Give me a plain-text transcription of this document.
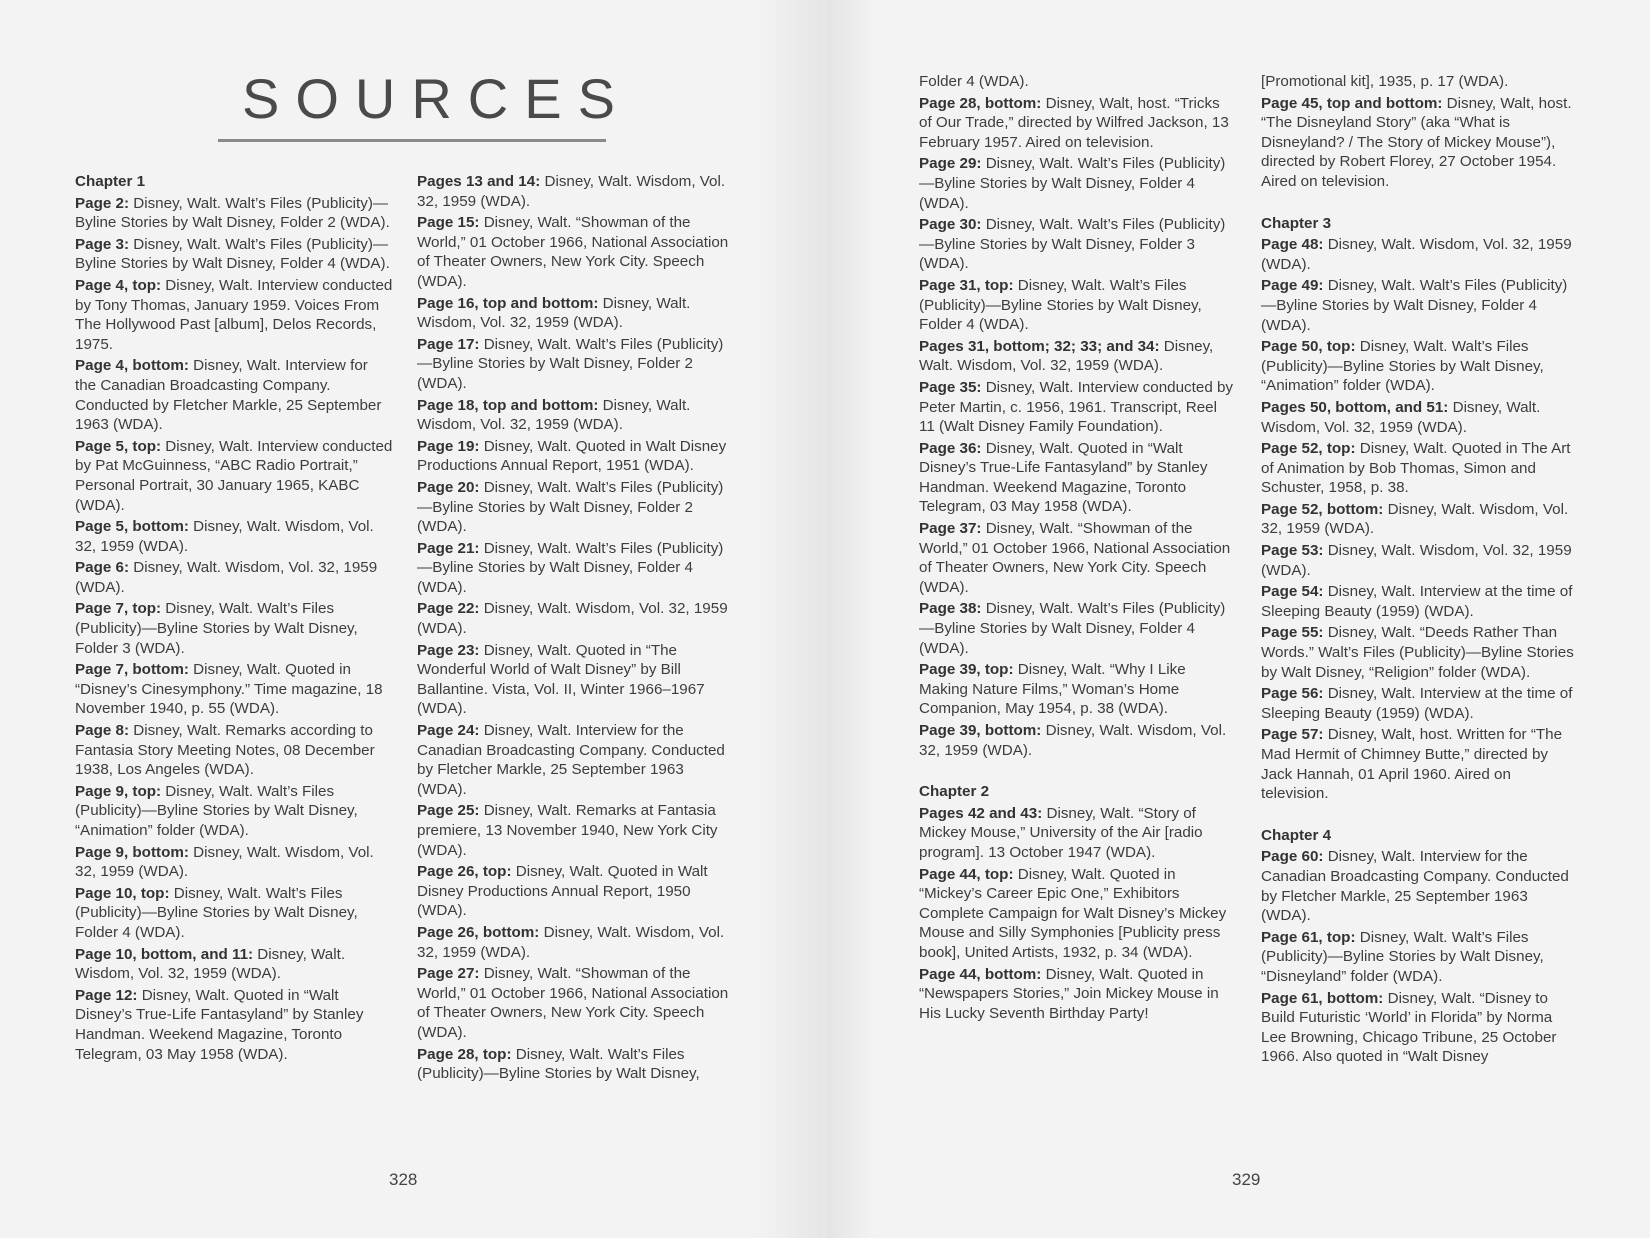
SOURCES
Chapter 1
Page 2: Disney, Walt. Walt’s Files (Publicity)—Byline Stories by Walt Disney, Folder 2 (WDA).
Page 3: Disney, Walt. Walt’s Files (Publicity)—Byline Stories by Walt Disney, Folder 4 (WDA).
Page 4, top: Disney, Walt. Interview conducted by Tony Thomas, January 1959. Voices From The Hollywood Past [album], Delos Records, 1975.
Page 4, bottom: Disney, Walt. Interview for the Canadian Broadcasting Company. Conducted by Fletcher Markle, 25 September 1963 (WDA).
Page 5, top: Disney, Walt. Interview conducted by Pat McGuinness, “ABC Radio Portrait,” Personal Portrait, 30 January 1965, KABC (WDA).
Page 5, bottom: Disney, Walt. Wisdom, Vol. 32, 1959 (WDA).
Page 6: Disney, Walt. Wisdom, Vol. 32, 1959 (WDA).
Page 7, top: Disney, Walt. Walt’s Files (Publicity)—Byline Stories by Walt Disney, Folder 3 (WDA).
Page 7, bottom: Disney, Walt. Quoted in “Disney’s Cinesymphony.” Time magazine, 18 November 1940, p. 55 (WDA).
Page 8: Disney, Walt. Remarks according to Fantasia Story Meeting Notes, 08 December 1938, Los Angeles (WDA).
Page 9, top: Disney, Walt. Walt’s Files (Publicity)—Byline Stories by Walt Disney, “Animation” folder (WDA).
Page 9, bottom: Disney, Walt. Wisdom, Vol. 32, 1959 (WDA).
Page 10, top: Disney, Walt. Walt’s Files (Publicity)—Byline Stories by Walt Disney, Folder 4 (WDA).
Page 10, bottom, and 11: Disney, Walt. Wisdom, Vol. 32, 1959 (WDA).
Page 12: Disney, Walt. Quoted in “Walt Disney’s True-Life Fantasyland” by Stanley Handman. Weekend Magazine, Toronto Telegram, 03 May 1958 (WDA).
Pages 13 and 14: Disney, Walt. Wisdom, Vol. 32, 1959 (WDA).
Page 15: Disney, Walt. “Showman of the World,” 01 October 1966, National Association of Theater Owners, New York City. Speech (WDA).
Page 16, top and bottom: Disney, Walt. Wisdom, Vol. 32, 1959 (WDA).
Page 17: Disney, Walt. Walt’s Files (Publicity)—Byline Stories by Walt Disney, Folder 2 (WDA).
Page 18, top and bottom: Disney, Walt. Wisdom, Vol. 32, 1959 (WDA).
Page 19: Disney, Walt. Quoted in Walt Disney Productions Annual Report, 1951 (WDA).
Page 20: Disney, Walt. Walt’s Files (Publicity)—Byline Stories by Walt Disney, Folder 2 (WDA).
Page 21: Disney, Walt. Walt’s Files (Publicity)—Byline Stories by Walt Disney, Folder 4 (WDA).
Page 22: Disney, Walt. Wisdom, Vol. 32, 1959 (WDA).
Page 23: Disney, Walt. Quoted in “The Wonderful World of Walt Disney” by Bill Ballantine. Vista, Vol. II, Winter 1966–1967 (WDA).
Page 24: Disney, Walt. Interview for the Canadian Broadcasting Company. Conducted by Fletcher Markle, 25 September 1963 (WDA).
Page 25: Disney, Walt. Remarks at Fantasia premiere, 13 November 1940, New York City (WDA).
Page 26, top: Disney, Walt. Quoted in Walt Disney Productions Annual Report, 1950 (WDA).
Page 26, bottom: Disney, Walt. Wisdom, Vol. 32, 1959 (WDA).
Page 27: Disney, Walt. “Showman of the World,” 01 October 1966, National Association of Theater Owners, New York City. Speech (WDA).
Page 28, top: Disney, Walt. Walt’s Files (Publicity)—Byline Stories by Walt Disney,
328
Folder 4 (WDA).
Page 28, bottom: Disney, Walt, host. “Tricks of Our Trade,” directed by Wilfred Jackson, 13 February 1957. Aired on television.
Page 29: Disney, Walt. Walt’s Files (Publicity)—Byline Stories by Walt Disney, Folder 4 (WDA).
Page 30: Disney, Walt. Walt’s Files (Publicity)—Byline Stories by Walt Disney, Folder 3 (WDA).
Page 31, top: Disney, Walt. Walt’s Files (Publicity)—Byline Stories by Walt Disney, Folder 4 (WDA).
Pages 31, bottom; 32; 33; and 34: Disney, Walt. Wisdom, Vol. 32, 1959 (WDA).
Page 35: Disney, Walt. Interview conducted by Peter Martin, c. 1956, 1961. Transcript, Reel 11 (Walt Disney Family Foundation).
Page 36: Disney, Walt. Quoted in “Walt Disney’s True-Life Fantasyland” by Stanley Handman. Weekend Magazine, Toronto Telegram, 03 May 1958 (WDA).
Page 37: Disney, Walt. “Showman of the World,” 01 October 1966, National Association of Theater Owners, New York City. Speech (WDA).
Page 38: Disney, Walt. Walt’s Files (Publicity)—Byline Stories by Walt Disney, Folder 4 (WDA).
Page 39, top: Disney, Walt. “Why I Like Making Nature Films,” Woman’s Home Companion, May 1954, p. 38 (WDA).
Page 39, bottom: Disney, Walt. Wisdom, Vol. 32, 1959 (WDA).
Chapter 2
Pages 42 and 43: Disney, Walt. “Story of Mickey Mouse,” University of the Air [radio program]. 13 October 1947 (WDA).
Page 44, top: Disney, Walt. Quoted in “Mickey’s Career Epic One,” Exhibitors Complete Campaign for Walt Disney’s Mickey Mouse and Silly Symphonies [Publicity press book], United Artists, 1932, p. 34 (WDA).
Page 44, bottom: Disney, Walt. Quoted in “Newspapers Stories,” Join Mickey Mouse in His Lucky Seventh Birthday Party!
[Promotional kit], 1935, p. 17 (WDA).
Page 45, top and bottom: Disney, Walt, host. “The Disneyland Story” (aka “What is Disneyland? / The Story of Mickey Mouse”), directed by Robert Florey, 27 October 1954. Aired on television.
Chapter 3
Page 48: Disney, Walt. Wisdom, Vol. 32, 1959 (WDA).
Page 49: Disney, Walt. Walt’s Files (Publicity)—Byline Stories by Walt Disney, Folder 4 (WDA).
Page 50, top: Disney, Walt. Walt’s Files (Publicity)—Byline Stories by Walt Disney, “Animation” folder (WDA).
Pages 50, bottom, and 51: Disney, Walt. Wisdom, Vol. 32, 1959 (WDA).
Page 52, top: Disney, Walt. Quoted in The Art of Animation by Bob Thomas, Simon and Schuster, 1958, p. 38.
Page 52, bottom: Disney, Walt. Wisdom, Vol. 32, 1959 (WDA).
Page 53: Disney, Walt. Wisdom, Vol. 32, 1959 (WDA).
Page 54: Disney, Walt. Interview at the time of Sleeping Beauty (1959) (WDA).
Page 55: Disney, Walt. “Deeds Rather Than Words.” Walt’s Files (Publicity)—Byline Stories by Walt Disney, “Religion” folder (WDA).
Page 56: Disney, Walt. Interview at the time of Sleeping Beauty (1959) (WDA).
Page 57: Disney, Walt, host. Written for “The Mad Hermit of Chimney Butte,” directed by Jack Hannah, 01 April 1960. Aired on television.
Chapter 4
Page 60: Disney, Walt. Interview for the Canadian Broadcasting Company. Conducted by Fletcher Markle, 25 September 1963 (WDA).
Page 61, top: Disney, Walt. Walt’s Files (Publicity)—Byline Stories by Walt Disney, “Disneyland” folder (WDA).
Page 61, bottom: Disney, Walt. “Disney to Build Futuristic ‘World’ in Florida” by Norma Lee Browning, Chicago Tribune, 25 October 1966. Also quoted in “Walt Disney
329
